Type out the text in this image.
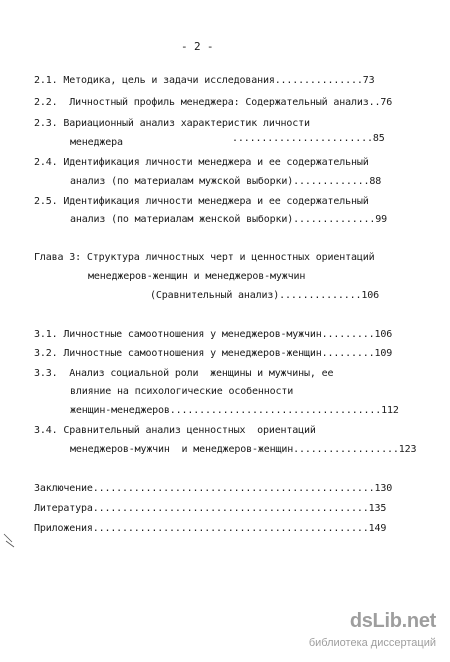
- 2 -
2.1. Методика, цель и задачи исследования...............73
2.2.  Личностный профиль менеджера: Содержательный анализ..76
2.3. Вариационный анализ характеристик личности
менеджера	........................85
2.4. Идентификация личности менеджера и ее содержательный
анализ (по материалам мужской выборки).............88
2.5. Идентификация личности менеджера и ее содержательный
анализ (по материалам женской выборки)..............99
Глава 3: Структура личностных черт и ценностных ориентаций
менеджеров-женщин и менеджеров-мужчин
(Сравнительный анализ)..............106
3.1. Личностные самоотношения у менеджеров-мужчин.........106
3.2. Личностные самоотношения у менеджеров-женщин.........109
3.3.  Анализ социальной роли  женщины и мужчины, ее
влияние на психологические особенности
женщин-менеджеров....................................112
3.4. Сравнительный анализ ценностных  ориентаций
менеджеров-мужчин  и менеджеров-женщин..................123
Заключение................................................130
Литература...............................................135
Приложения...............................................149
dsLib.net
библиотека диссертаций
